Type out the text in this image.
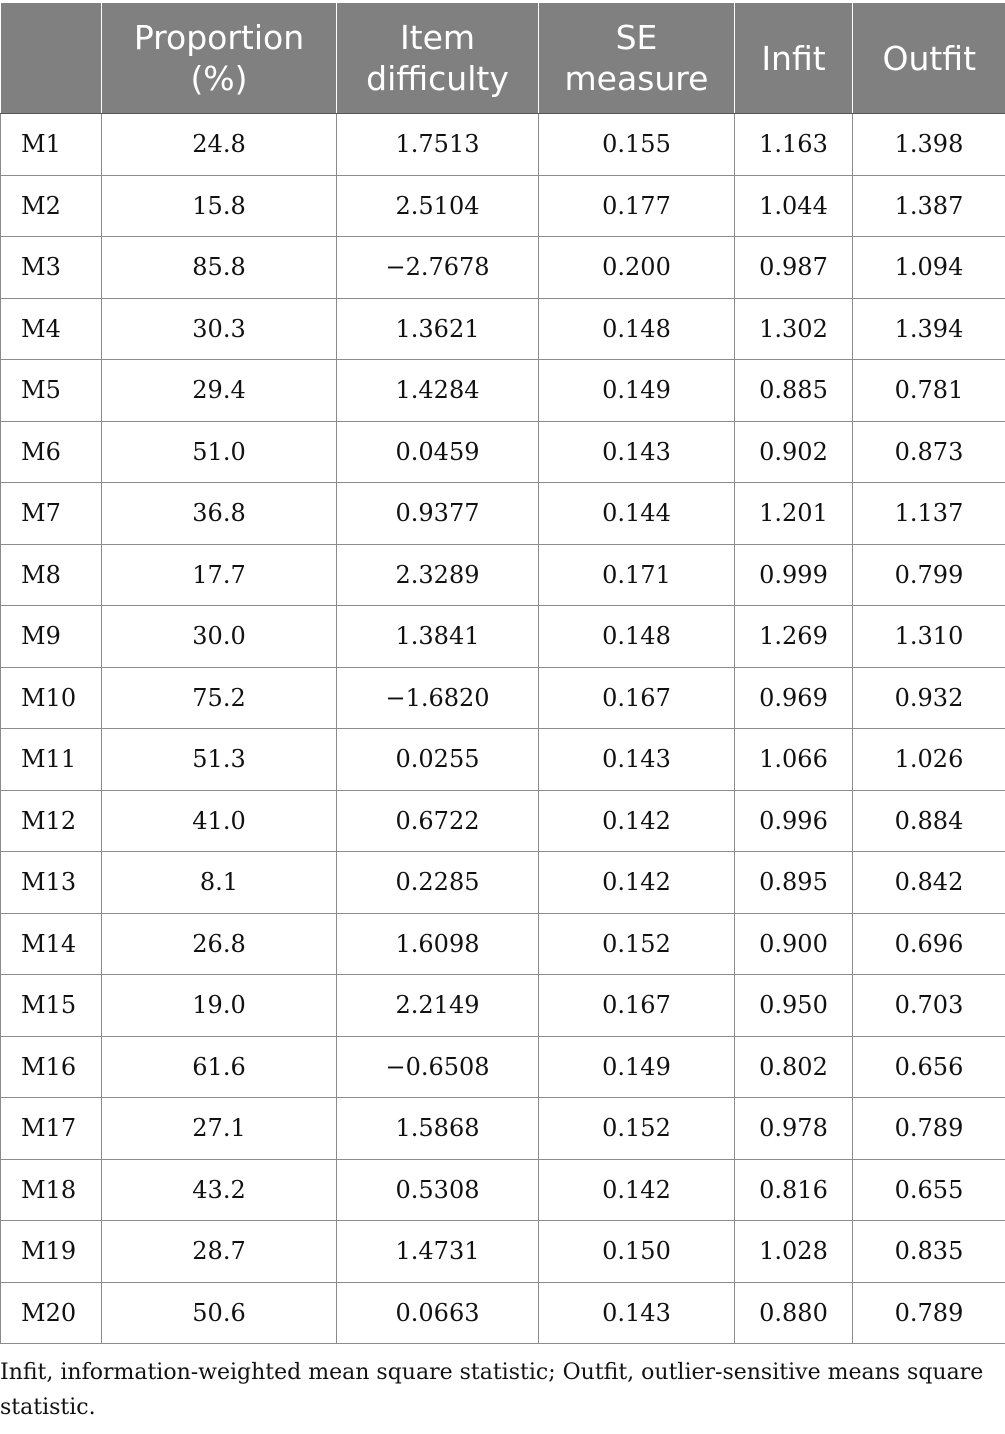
	Proportion (%)	Item difficulty	SE measure	Infit	Outfit
M1	24.8	1.7513	0.155	1.163	1.398
M2	15.8	2.5104	0.177	1.044	1.387
M3	85.8	−2.7678	0.200	0.987	1.094
M4	30.3	1.3621	0.148	1.302	1.394
M5	29.4	1.4284	0.149	0.885	0.781
M6	51.0	0.0459	0.143	0.902	0.873
M7	36.8	0.9377	0.144	1.201	1.137
M8	17.7	2.3289	0.171	0.999	0.799
M9	30.0	1.3841	0.148	1.269	1.310
M10	75.2	−1.6820	0.167	0.969	0.932
M11	51.3	0.0255	0.143	1.066	1.026
M12	41.0	0.6722	0.142	0.996	0.884
M13	8.1	0.2285	0.142	0.895	0.842
M14	26.8	1.6098	0.152	0.900	0.696
M15	19.0	2.2149	0.167	0.950	0.703
M16	61.6	−0.6508	0.149	0.802	0.656
M17	27.1	1.5868	0.152	0.978	0.789
M18	43.2	0.5308	0.142	0.816	0.655
M19	28.7	1.4731	0.150	1.028	0.835
M20	50.6	0.0663	0.143	0.880	0.789

Infit, information-weighted mean square statistic; Outfit, outlier-sensitive means square statistic.
